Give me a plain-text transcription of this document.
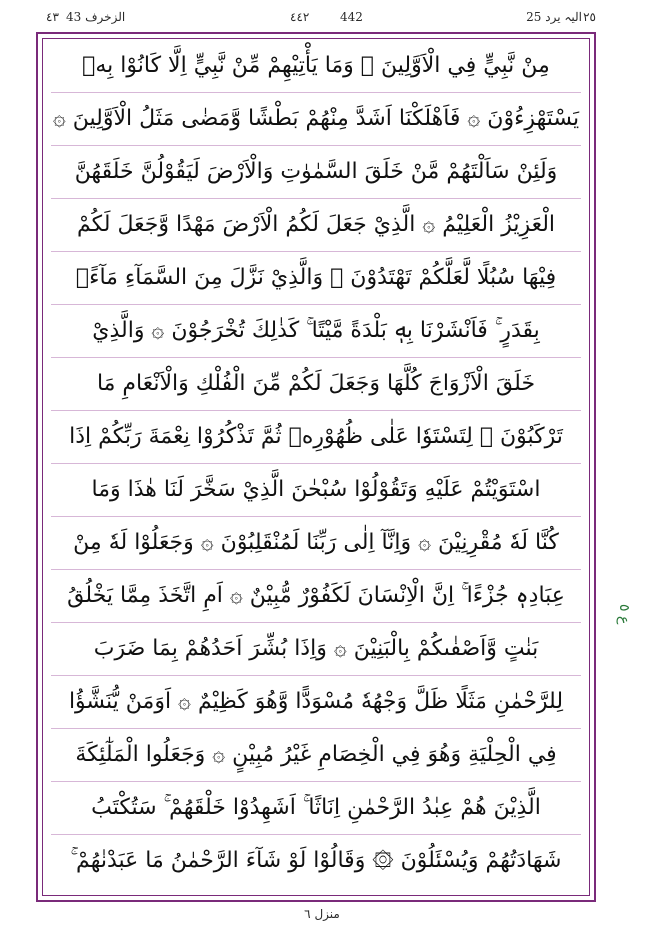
25 الیہ یرد ٢٥
٤٤٢	442
43 الزخرف
٤٣
مِنْ نَّبِيٍّ فِي الْاَوَّلِينَ ۞ وَمَا يَأْتِيْهِمْ مِّنْ نَّبِيٍّ اِلَّا كَانُوْا بِهٖ
يَسْتَهْزِءُوْنَ ۞ فَاَهْلَكْنَا اَشَدَّ مِنْهُمْ بَطْشًا وَّمَضٰى مَثَلُ الْاَوَّلِينَ ۞
وَلَئِنْ سَاَلْتَهُمْ مَّنْ خَلَقَ السَّمٰوٰتِ وَالْاَرْضَ لَيَقُوْلُنَّ خَلَقَهُنَّ
الْعَزِيْزُ الْعَلِيْمُ ۞ الَّذِيْ جَعَلَ لَكُمُ الْاَرْضَ مَهْدًا وَّجَعَلَ لَكُمْ
فِيْهَا سُبُلًا لَّعَلَّكُمْ تَهْتَدُوْنَ ۞ وَالَّذِيْ نَزَّلَ مِنَ السَّمَآءِ مَآءًۢ
بِقَدَرٍ ۚ فَاَنْشَرْنَا بِهٖ بَلْدَةً مَّيْتًا ۚ كَذٰلِكَ تُخْرَجُوْنَ ۞ وَالَّذِيْ
خَلَقَ الْاَزْوَاجَ كُلَّهَا وَجَعَلَ لَكُمْ مِّنَ الْفُلْكِ وَالْاَنْعَامِ مَا
تَرْكَبُوْنَ ۞ لِتَسْتَوٗا عَلٰى ظُهُوْرِهٖ ثُمَّ تَذْكُرُوْا نِعْمَةَ رَبِّكُمْ اِذَا
اسْتَوَيْتُمْ عَلَيْهِ وَتَقُوْلُوْا سُبْحٰنَ الَّذِيْ سَخَّرَ لَنَا هٰذَا وَمَا
كُنَّا لَهٗ مُقْرِنِيْنَ ۞ وَاِنَّآ اِلٰى رَبِّنَا لَمُنْقَلِبُوْنَ ۞ وَجَعَلُوْا لَهٗ مِنْ
عِبَادِهٖ جُزْءًا ۚ اِنَّ الْاِنْسَانَ لَكَفُوْرٌ مُّبِيْنٌ ۞ اَمِ اتَّخَذَ مِمَّا يَخْلُقُ
بَنٰتٍ وَّاَصْفٰىكُمْ بِالْبَنِيْنَ ۞ وَاِذَا بُشِّرَ اَحَدُهُمْ بِمَا ضَرَبَ
لِلرَّحْمٰنِ مَثَلًا ظَلَّ وَجْهُهٗ مُسْوَدًّا وَّهُوَ كَظِيْمٌ ۞ اَوَمَنْ يُّنَشَّؤُا
فِي الْحِلْيَةِ وَهُوَ فِي الْخِصَامِ غَيْرُ مُبِيْنٍ ۞ وَجَعَلُوا الْمَلٰٓئِكَةَ
الَّذِيْنَ هُمْ عِبٰدُ الرَّحْمٰنِ اِنَاثًا ۚ اَشَهِدُوْا خَلْقَهُمْ ۚ سَتُكْتَبُ
شَهَادَتُهُمْ وَيُسْئَلُوْنَ ۞ وَقَالُوْا لَوْ شَآءَ الرَّحْمٰنُ مَا عَبَدْنٰهُمْ ۚ
ع ٥
منزل ٦
